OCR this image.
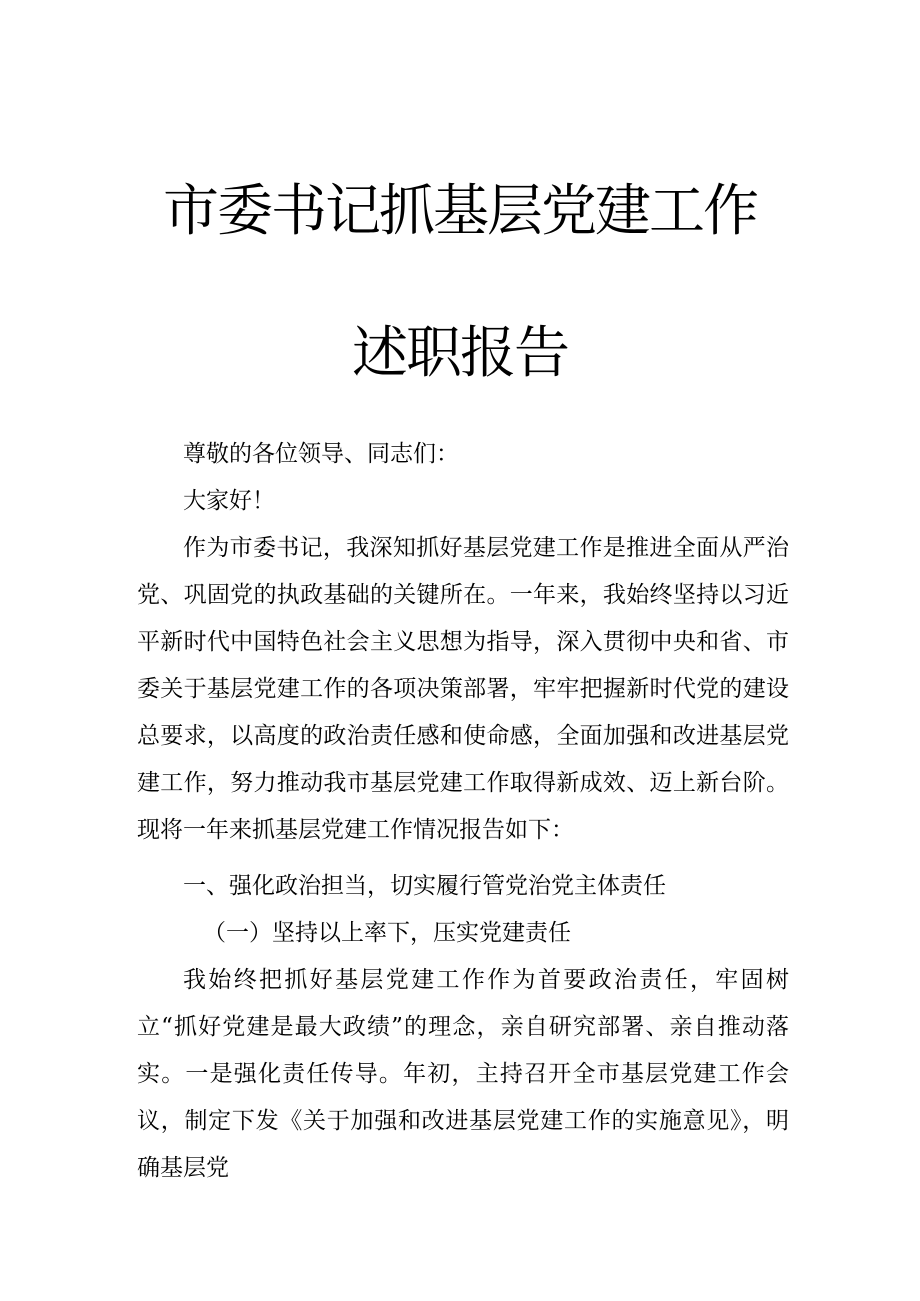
市委书记抓基层党建工作
述职报告

尊敬的各位领导、同志们：

大家好！

作为市委书记，我深知抓好基层党建工作是推进全面从严治党、巩固党的执政基础的关键所在。一年来，我始终坚持以习近平新时代中国特色社会主义思想为指导，深入贯彻中央和省、市委关于基层党建工作的各项决策部署，牢牢把握新时代党的建设总要求，以高度的政治责任感和使命感，全面加强和改进基层党建工作，努力推动我市基层党建工作取得新成效、迈上新台阶。现将一年来抓基层党建工作情况报告如下：

一、强化政治担当，切实履行管党治党主体责任

（一）坚持以上率下，压实党建责任

我始终把抓好基层党建工作作为首要政治责任，牢固树立“抓好党建是最大政绩”的理念，亲自研究部署、亲自推动落实。一是强化责任传导。年初，主持召开全市基层党建工作会议，制定下发《关于加强和改进基层党建工作的实施意见》，明确基层党
